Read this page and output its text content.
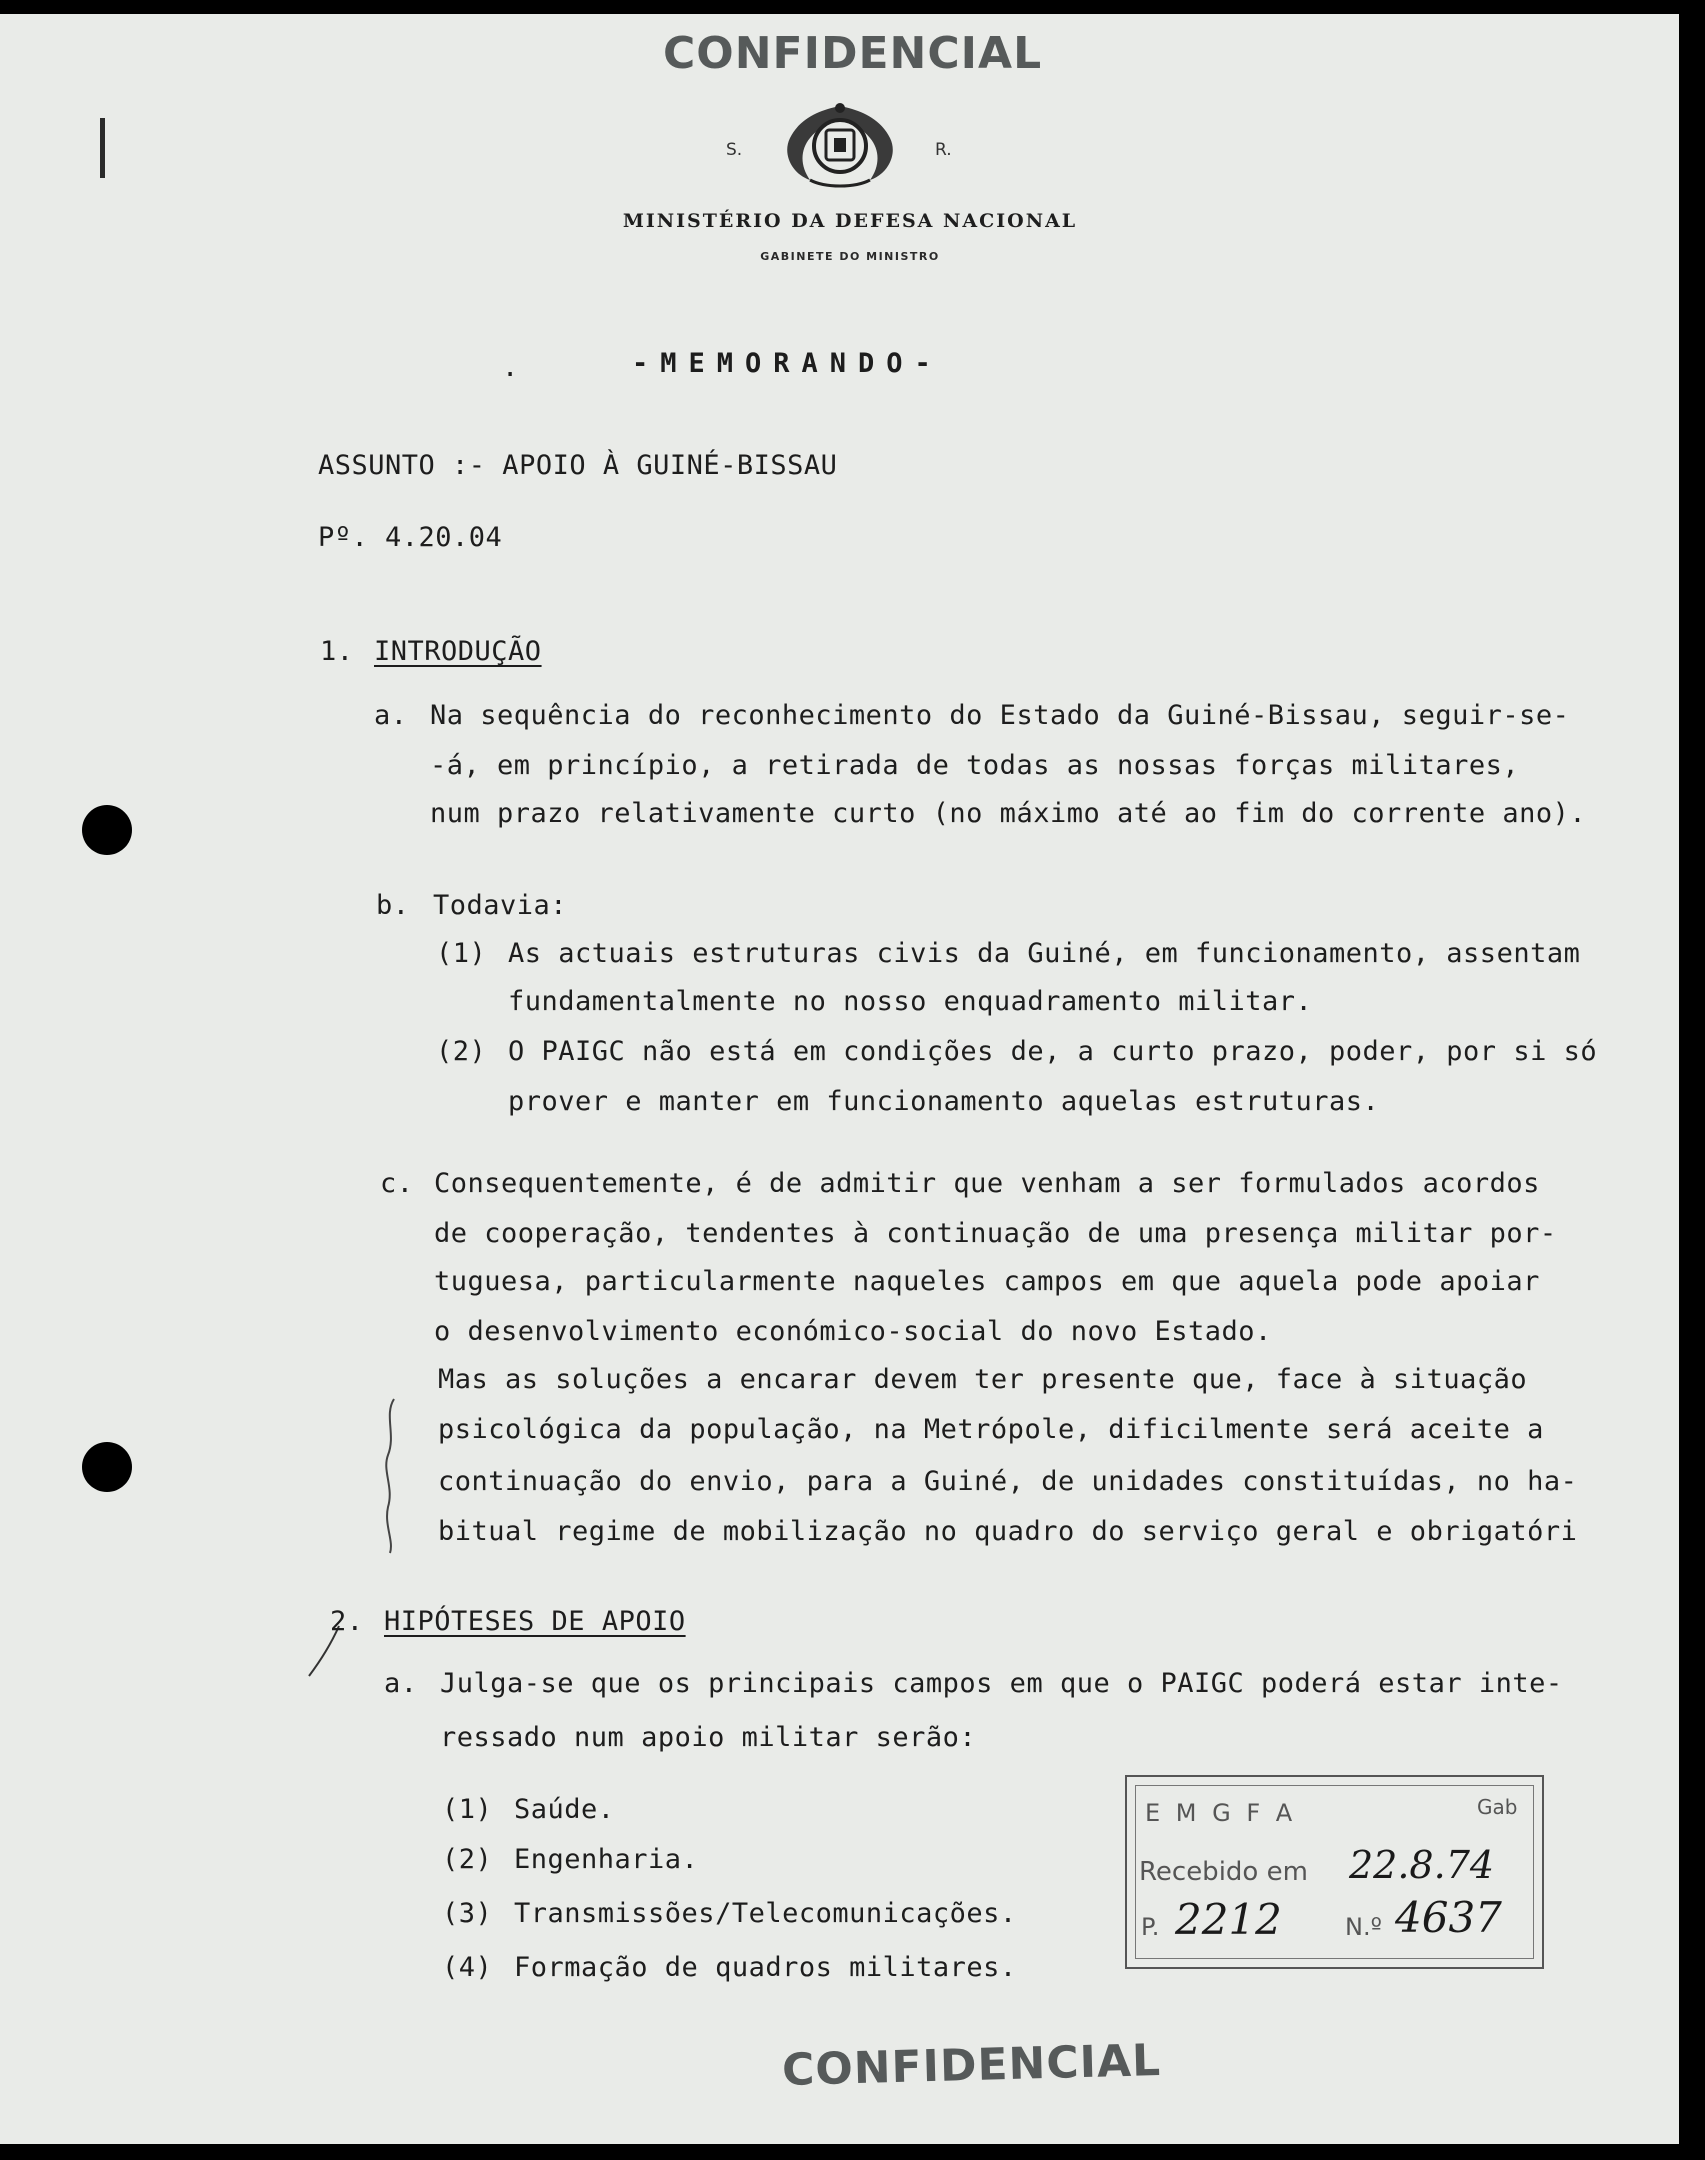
CONFIDENCIAL
S.	R.
MINISTÉRIO DA DEFESA NACIONAL
GABINETE DO MINISTRO
-MEMORANDO-
.
ASSUNTO :- APOIO À GUINÉ-BISSAU
Pº. 4.20.04
1. INTRODUÇÃO
a. Na sequência do reconhecimento do Estado da Guiné-Bissau, seguir-se-
-á, em princípio, a retirada de todas as nossas forças militares,
num prazo relativamente curto (no máximo até ao fim do corrente ano).
b. Todavia:
(1) As actuais estruturas civis da Guiné, em funcionamento, assentam
fundamentalmente no nosso enquadramento militar.
(2) O PAIGC não está em condições de, a curto prazo, poder, por si só
prover e manter em funcionamento aquelas estruturas.
c. Consequentemente, é de admitir que venham a ser formulados acordos
de cooperação, tendentes à continuação de uma presença militar por-
tuguesa, particularmente naqueles campos em que aquela pode apoiar
o desenvolvimento económico-social do novo Estado.
Mas as soluções a encarar devem ter presente que, face à situação
psicológica da população, na Metrópole, dificilmente será aceite a
continuação do envio, para a Guiné, de unidades constituídas, no ha-
bitual regime de mobilização no quadro do serviço geral e obrigatóri
2. HIPÓTESES DE APOIO
a. Julga-se que os principais campos em que o PAIGC poderá estar inte-
ressado num apoio militar serão:
(1) Saúde.
(2) Engenharia.
(3) Transmissões/Telecomunicações.
(4) Formação de quadros militares.
E M G F A	Gab
Recebido em 22.8.74
P. 2212	N.º 4637
CONFIDENCIAL
